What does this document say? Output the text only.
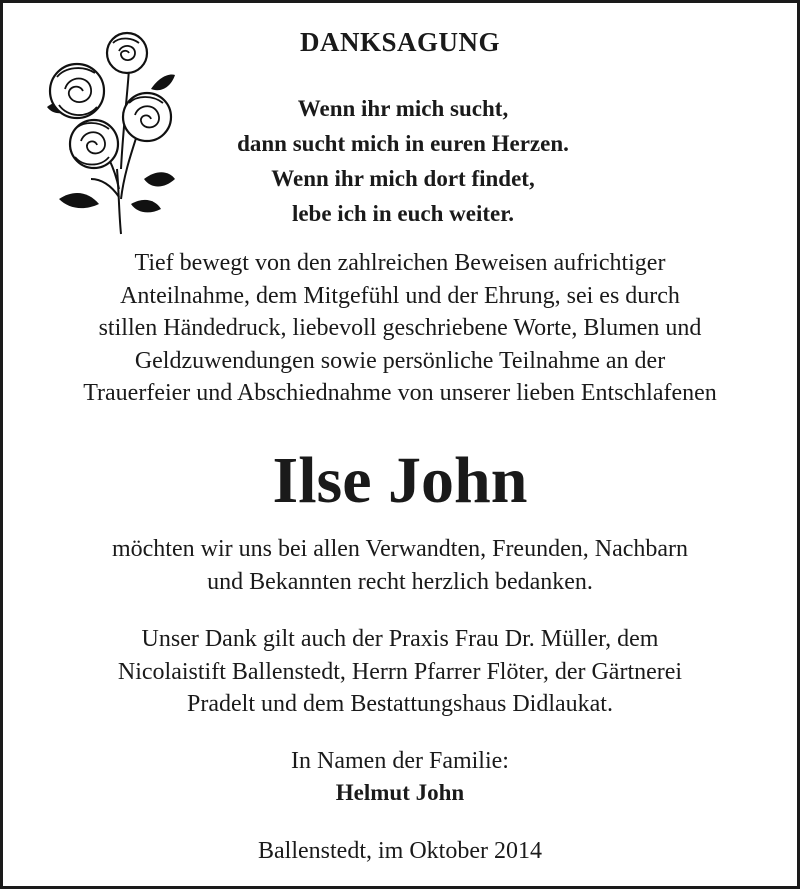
DANKSAGUNG
Wenn ihr mich sucht,
dann sucht mich in euren Herzen.
Wenn ihr mich dort findet,
lebe ich in euch weiter.
Tief bewegt von den zahlreichen Beweisen aufrichtiger
Anteilnahme, dem Mitgefühl und der Ehrung, sei es durch
stillen Händedruck, liebevoll geschriebene Worte, Blumen und
Geldzuwendungen sowie persönliche Teilnahme an der
Trauerfeier und Abschiednahme von unserer lieben Entschlafenen
Ilse John
möchten wir uns bei allen Verwandten, Freunden, Nachbarn
und Bekannten recht herzlich bedanken.
Unser Dank gilt auch der Praxis Frau Dr. Müller, dem
Nicolaistift Ballenstedt, Herrn Pfarrer Flöter, der Gärtnerei
Pradelt und dem Bestattungshaus Didlaukat.
In Namen der Familie:
Helmut John
Ballenstedt, im Oktober 2014
